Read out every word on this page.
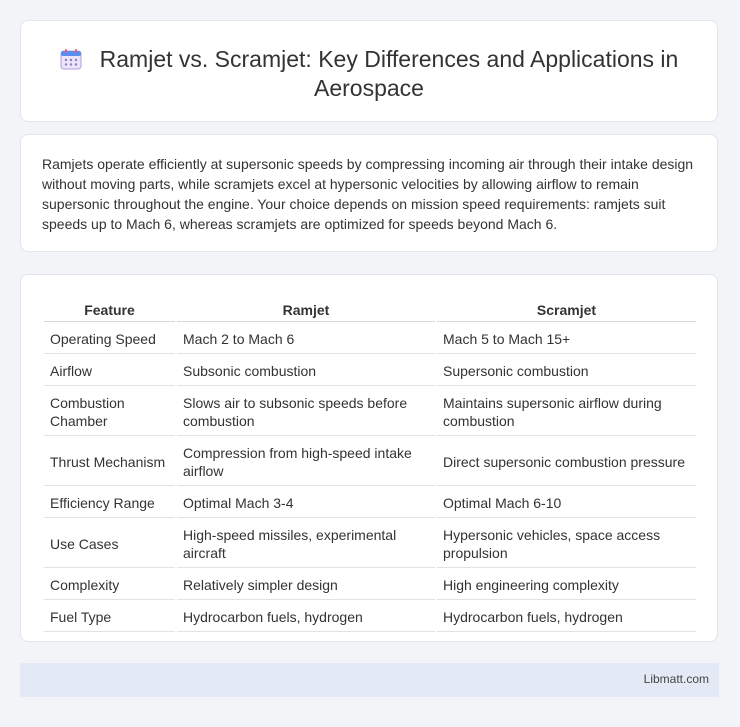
Ramjet vs. Scramjet: Key Differences and Applications in Aerospace
Ramjets operate efficiently at supersonic speeds by compressing incoming air through their intake design without moving parts, while scramjets excel at hypersonic velocities by allowing airflow to remain supersonic throughout the engine. Your choice depends on mission speed requirements: ramjets suit speeds up to Mach 6, whereas scramjets are optimized for speeds beyond Mach 6.
Feature	Ramjet	Scramjet
Operating Speed	Mach 2 to Mach 6	Mach 5 to Mach 15+
Airflow	Subsonic combustion	Supersonic combustion
Combustion Chamber	Slows air to subsonic speeds before combustion	Maintains supersonic airflow during combustion
Thrust Mechanism	Compression from high-speed intake airflow	Direct supersonic combustion pressure
Efficiency Range	Optimal Mach 3-4	Optimal Mach 6-10
Use Cases	High-speed missiles, experimental aircraft	Hypersonic vehicles, space access propulsion
Complexity	Relatively simpler design	High engineering complexity
Fuel Type	Hydrocarbon fuels, hydrogen	Hydrocarbon fuels, hydrogen
Libmatt.com
